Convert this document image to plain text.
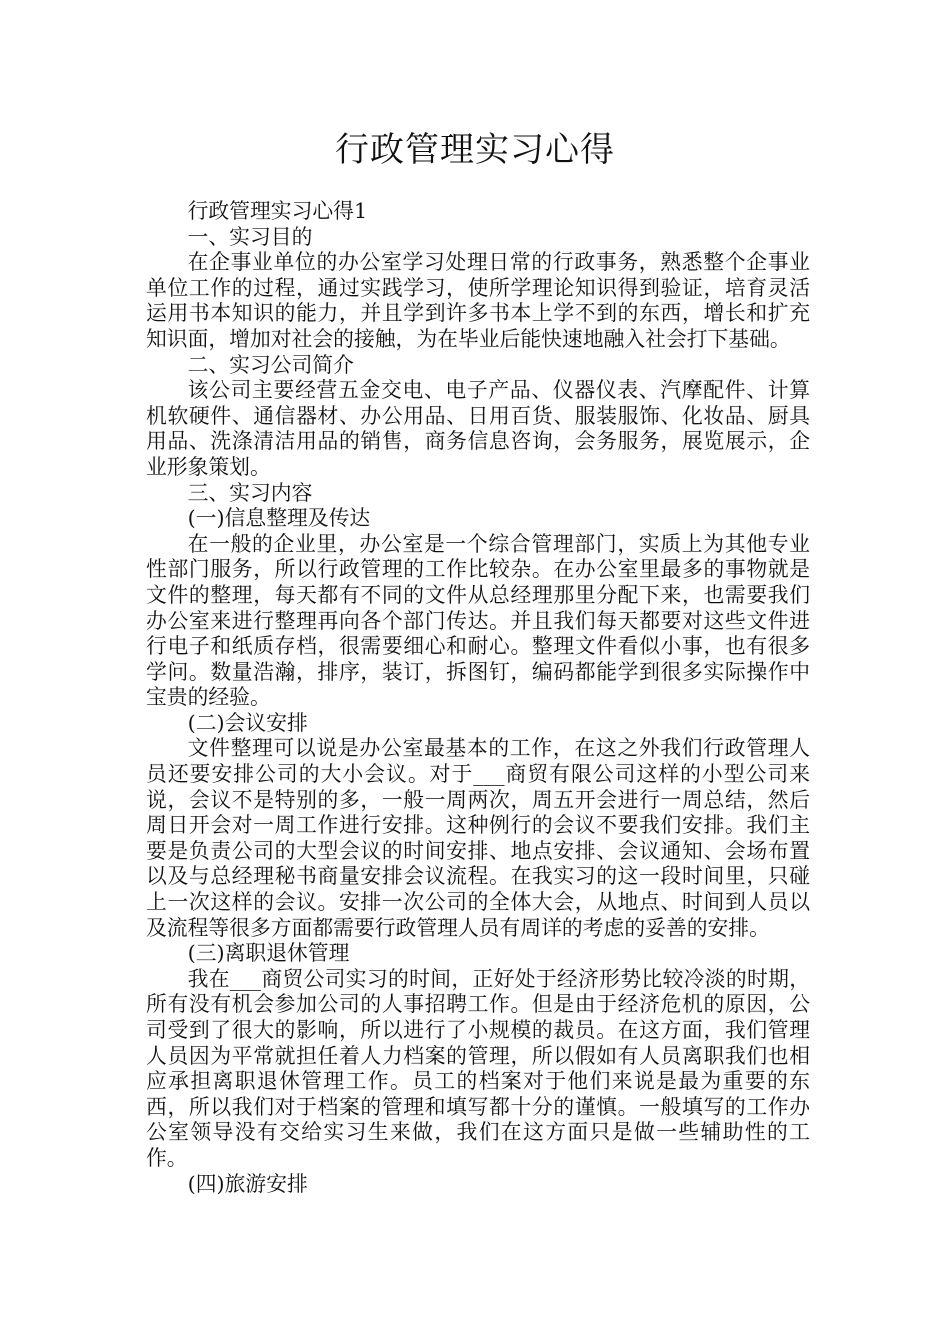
行政管理实习心得

行政管理实习心得1

一、实习目的

在企事业单位的办公室学习处理日常的行政事务，熟悉整个企事业单位工作的过程，通过实践学习，使所学理论知识得到验证，培育灵活运用书本知识的能力，并且学到许多书本上学不到的东西，增长和扩充知识面，增加对社会的接触，为在毕业后能快速地融入社会打下基础。

二、实习公司简介

该公司主要经营五金交电、电子产品、仪器仪表、汽摩配件、计算机软硬件、通信器材、办公用品、日用百货、服装服饰、化妆品、厨具用品、洗涤清洁用品的销售，商务信息咨询，会务服务，展览展示，企业形象策划。

三、实习内容

(一)信息整理及传达

在一般的企业里，办公室是一个综合管理部门，实质上为其他专业性部门服务，所以行政管理的工作比较杂。在办公室里最多的事物就是文件的整理，每天都有不同的文件从总经理那里分配下来，也需要我们办公室来进行整理再向各个部门传达。并且我们每天都要对这些文件进行电子和纸质存档，很需要细心和耐心。整理文件看似小事，也有很多学问。数量浩瀚，排序，装订，拆图钉，编码都能学到很多实际操作中宝贵的经验。

(二)会议安排

文件整理可以说是办公室最基本的工作，在这之外我们行政管理人员还要安排公司的大小会议。对于___商贸有限公司这样的小型公司来说，会议不是特别的多，一般一周两次，周五开会进行一周总结，然后周日开会对一周工作进行安排。这种例行的会议不要我们安排。我们主要是负责公司的大型会议的时间安排、地点安排、会议通知、会场布置以及与总经理秘书商量安排会议流程。在我实习的这一段时间里，只碰上一次这样的会议。安排一次公司的全体大会，从地点、时间到人员以及流程等很多方面都需要行政管理人员有周详的考虑的妥善的安排。

(三)离职退休管理

我在___商贸公司实习的时间，正好处于经济形势比较冷淡的时期，所有没有机会参加公司的人事招聘工作。但是由于经济危机的原因，公司受到了很大的影响，所以进行了小规模的裁员。在这方面，我们管理人员因为平常就担任着人力档案的管理，所以假如有人员离职我们也相应承担离职退休管理工作。员工的档案对于他们来说是最为重要的东西，所以我们对于档案的管理和填写都十分的谨慎。一般填写的工作办公室领导没有交给实习生来做，我们在这方面只是做一些辅助性的工作。

(四)旅游安排
